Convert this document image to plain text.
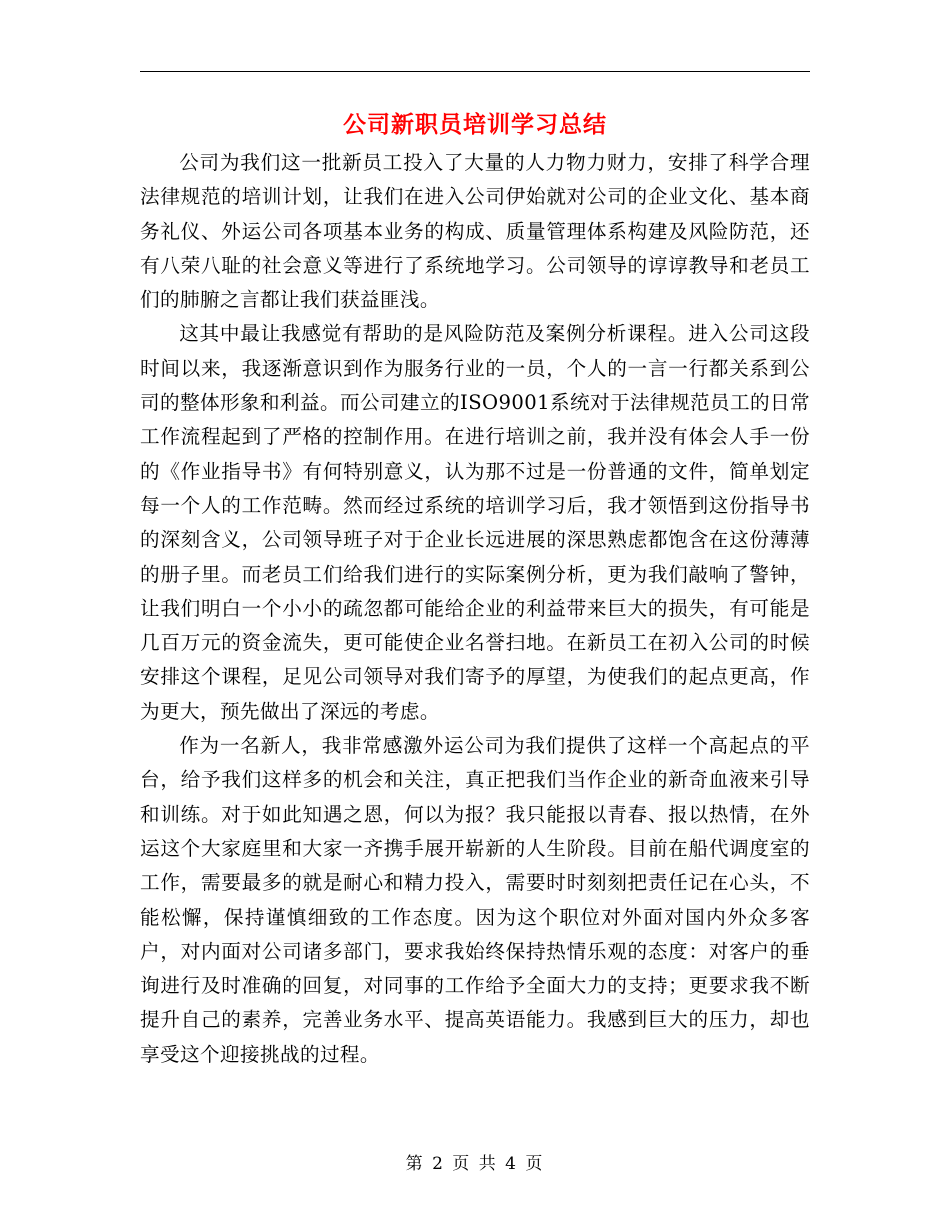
公司新职员培训学习总结

公司为我们这一批新员工投入了大量的人力物力财力，安排了科学合理法律规范的培训计划，让我们在进入公司伊始就对公司的企业文化、基本商务礼仪、外运公司各项基本业务的构成、质量管理体系构建及风险防范，还有八荣八耻的社会意义等进行了系统地学习。公司领导的谆谆教导和老员工们的肺腑之言都让我们获益匪浅。

这其中最让我感觉有帮助的是风险防范及案例分析课程。进入公司这段时间以来，我逐渐意识到作为服务行业的一员，个人的一言一行都关系到公司的整体形象和利益。而公司建立的ISO9001系统对于法律规范员工的日常工作流程起到了严格的控制作用。在进行培训之前，我并没有体会人手一份的《作业指导书》有何特别意义，认为那不过是一份普通的文件，简单划定每一个人的工作范畴。然而经过系统的培训学习后，我才领悟到这份指导书的深刻含义，公司领导班子对于企业长远进展的深思熟虑都饱含在这份薄薄的册子里。而老员工们给我们进行的实际案例分析，更为我们敲响了警钟，让我们明白一个小小的疏忽都可能给企业的利益带来巨大的损失，有可能是几百万元的资金流失，更可能使企业名誉扫地。在新员工在初入公司的时候安排这个课程，足见公司领导对我们寄予的厚望，为使我们的起点更高，作为更大，预先做出了深远的考虑。

作为一名新人，我非常感激外运公司为我们提供了这样一个高起点的平台，给予我们这样多的机会和关注，真正把我们当作企业的新奇血液来引导和训练。对于如此知遇之恩，何以为报？我只能报以青春、报以热情，在外运这个大家庭里和大家一齐携手展开崭新的人生阶段。目前在船代调度室的工作，需要最多的就是耐心和精力投入，需要时时刻刻把责任记在心头，不能松懈，保持谨慎细致的工作态度。因为这个职位对外面对国内外众多客户，对内面对公司诸多部门，要求我始终保持热情乐观的态度：对客户的垂询进行及时准确的回复，对同事的工作给予全面大力的支持；更要求我不断提升自己的素养，完善业务水平、提高英语能力。我感到巨大的压力，却也享受这个迎接挑战的过程。

第 2 页 共 4 页
